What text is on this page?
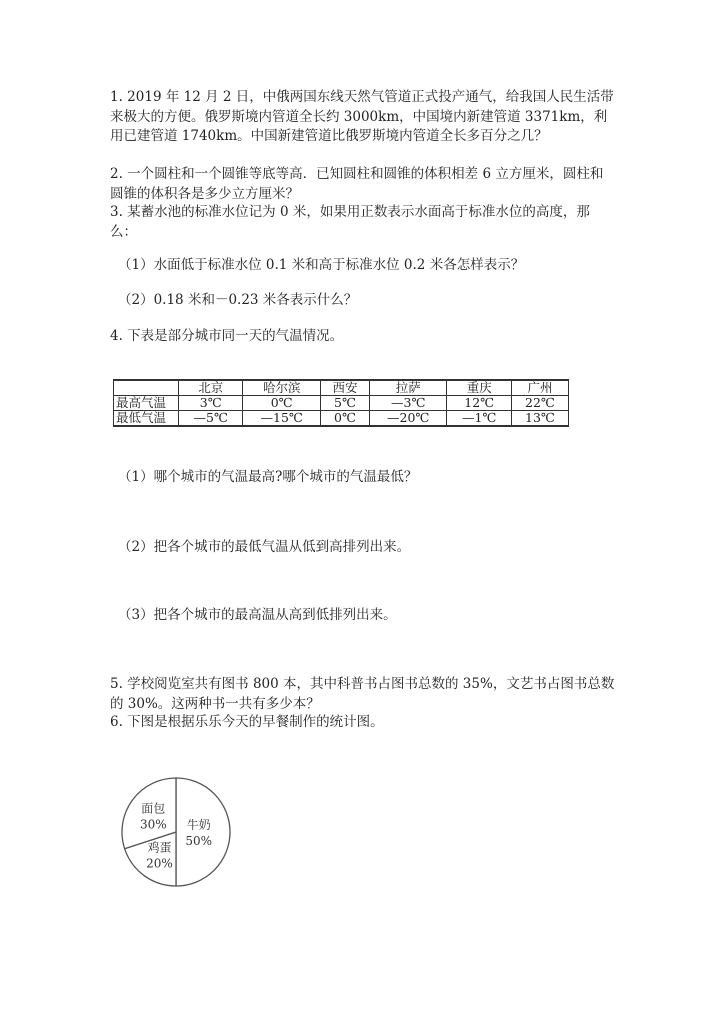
1. 2019 年 12 月 2 日，中俄两国东线天然气管道正式投产通气，给我国人民生活带来极大的方便。俄罗斯境内管道全长约 3000km，中国境内新建管道 3371km，利用已建管道 1740km。中国新建管道比俄罗斯境内管道全长多百分之几？

2. 一个圆柱和一个圆锥等底等高．已知圆柱和圆锥的体积相差 6 立方厘米，圆柱和圆锥的体积各是多少立方厘米？

3. 某蓄水池的标准水位记为 0 米，如果用正数表示水面高于标准水位的高度，那么：

（1）水面低于标准水位 0.1 米和高于标准水位 0.2 米各怎样表示？

（2）0.18 米和－0.23 米各表示什么？

4. 下表是部分城市同一天的气温情况。

	北京	哈尔滨	西安	拉萨	重庆	广州
最高气温	3℃	0℃	5℃	—3℃	12℃	22℃
最低气温	—5℃	—15℃	0℃	—20℃	—1℃	13℃

（1）哪个城市的气温最高?哪个城市的气温最低？

（2）把各个城市的最低气温从低到高排列出来。

（3）把各个城市的最高温从高到低排列出来。

5. 学校阅览室共有图书 800 本，其中科普书占图书总数的 35%，文艺书占图书总数的 30%。这两种书一共有多少本？

6. 下图是根据乐乐今天的早餐制作的统计图。

牛奶
50%
鸡蛋
20%
面包
30%
